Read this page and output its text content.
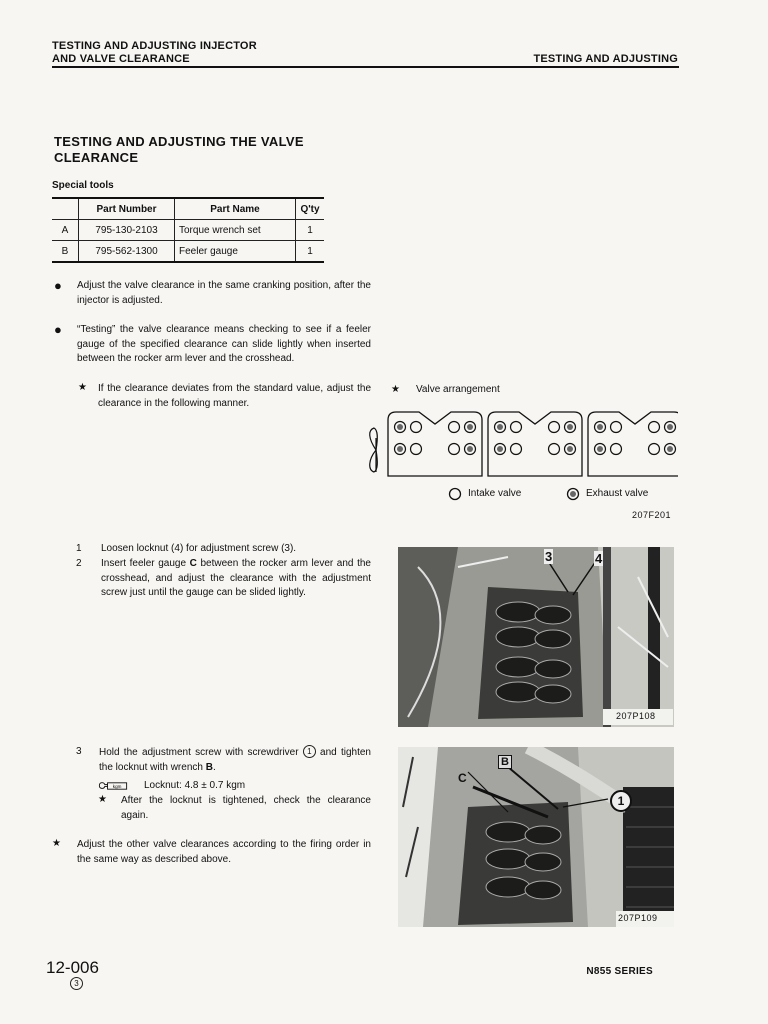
TESTING AND ADJUSTING INJECTOR
AND VALVE CLEARANCE	TESTING AND ADJUSTING
TESTING AND ADJUSTING THE VALVE CLEARANCE
Special tools
	Part Number	Part Name	Q'ty
A	795-130-2103	Torque wrench set	1
B	795-562-1300	Feeler gauge	1
● Adjust the valve clearance in the same cranking position, after the injector is adjusted.
● “Testing” the valve clearance means checking to see if a feeler gauge of the specified clearance can slide lightly when inserted between the rocker arm lever and the crosshead.
★ If the clearance deviates from the standard value, adjust the clearance in the following manner.
★ Valve arrangement
Intake valve	Exhaust valve
207F201
1 Loosen locknut (4) for adjustment screw (3).
2 Insert feeler gauge C between the rocker arm lever and the crosshead, and adjust the clearance with the adjustment screw just until the gauge can be slided lightly.
3	4
207P108
3 Hold the adjustment screw with screwdriver 1 and tighten the locknut with wrench B.
kgm Locknut: 4.8 ± 0.7 kgm
★ After the locknut is tightened, check the clearance again.
★ Adjust the other valve clearances according to the firing order in the same way as described above.
C
B
1
207P109
12-006
3
N855 SERIES
